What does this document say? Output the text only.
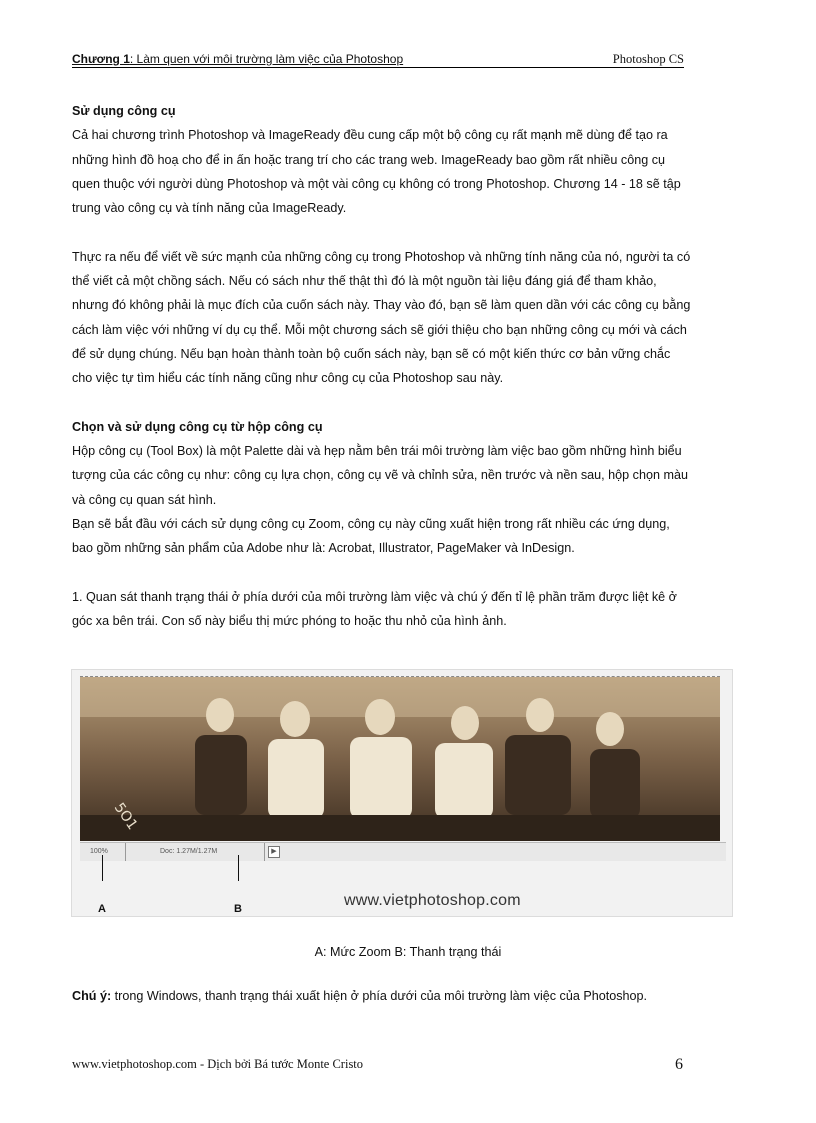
Chương 1: Làm quen với môi trường làm việc của Photoshop	Photoshop CS
Sử dụng công cụ

Cả hai chương trình Photoshop và ImageReady đều cung cấp một bộ công cụ rất mạnh mẽ dùng để tạo ra những hình đồ hoạ cho để in ấn hoặc trang trí cho các trang web. ImageReady bao gồm rất nhiều công cụ quen thuộc với người dùng Photoshop và một vài công cụ không có trong Photoshop. Chương 14 - 18 sẽ tập trung vào công cụ và tính năng của ImageReady.

Thực ra nếu để viết về sức mạnh của những công cụ trong Photoshop và những tính năng của nó, người ta có thể viết cả một chồng sách. Nếu có sách như thế thật thì đó là một nguồn tài liệu đáng giá để tham khảo, nhưng đó không phải là mục đích của cuốn sách này. Thay vào đó, bạn sẽ làm quen dần với các công cụ bằng cách làm việc với những ví dụ cụ thể. Mỗi một chương sách sẽ giới thiệu cho bạn những công cụ mới và cách để sử dụng chúng. Nếu bạn hoàn thành toàn bộ cuốn sách này, bạn sẽ có một kiến thức cơ bản vững chắc cho việc tự tìm hiểu các tính năng cũng như công cụ của Photoshop sau này.

Chọn và sử dụng công cụ từ hộp công cụ

Hộp công cụ (Tool Box) là một Palette dài và hẹp nằm bên trái môi trường làm việc bao gồm những hình biểu tượng của các công cụ như: công cụ lựa chọn, công cụ vẽ và chỉnh sửa, nền trước và nền sau, hộp chọn màu và công cụ quan sát hình.

Bạn sẽ bắt đầu với cách sử dụng công cụ Zoom, công cụ này cũng xuất hiện trong rất nhiều các ứng dụng, bao gồm những sản phẩm của Adobe như là: Acrobat, Illustrator, PageMaker và InDesign.

1. Quan sát thanh trạng thái ở phía dưới của môi trường làm việc và chú ý đến tỉ lệ phần trăm được liệt kê ở góc xa bên trái. Con số này biểu thị mức phóng to hoặc thu nhỏ của hình ảnh.

5O1
100%	Doc: 1.27M/1.27M	▶
A	B	www.vietphotoshop.com
A: Mức Zoom B: Thanh trạng thái
Chú ý: trong Windows, thanh trạng thái xuất hiện ở phía dưới của môi trường làm việc của Photoshop.
www.vietphotoshop.com - Dịch bởi Bá tước Monte Cristo	6
